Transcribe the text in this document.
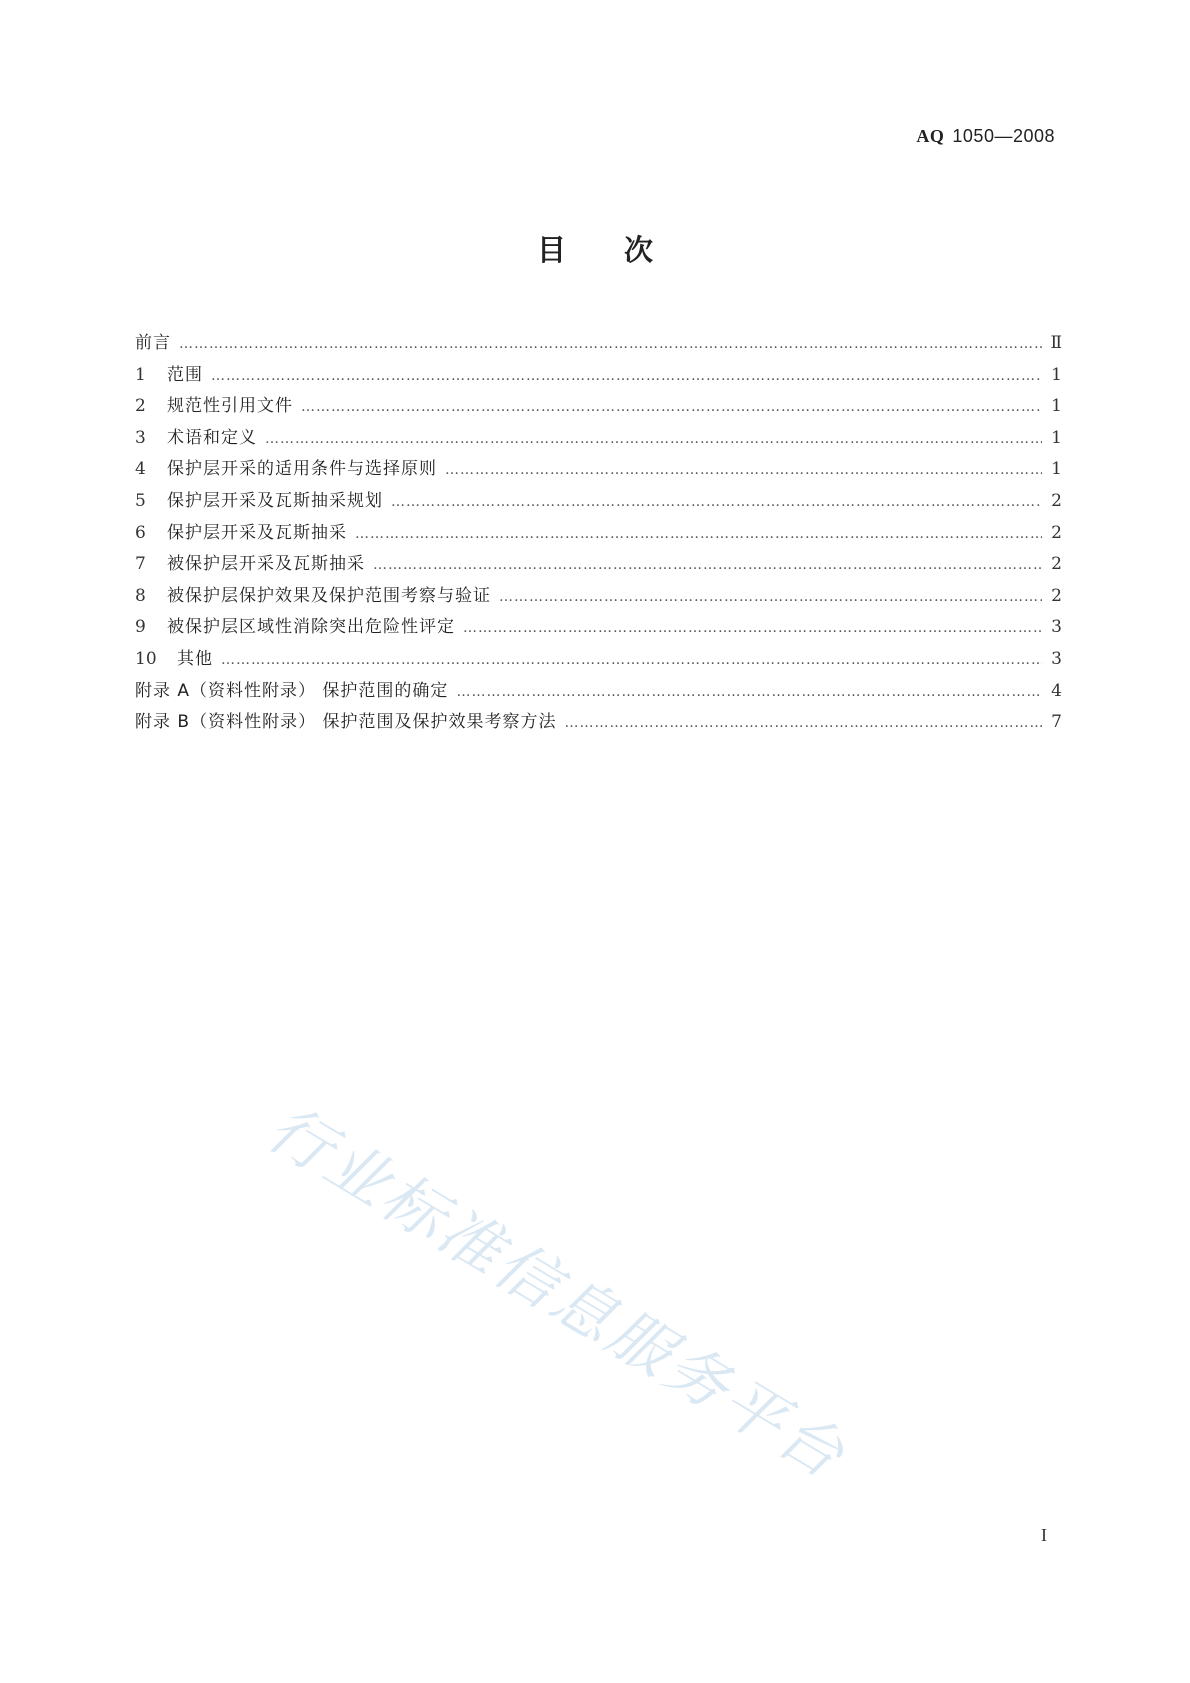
AQ 1050—2008
目次
前言 …………………………………………………………………………………………………………………………………………………………………………………………………………………………………………	Ⅱ
1	范围 …………………………………………………………………………………………………………………………………………………………………………………………………………………………………………	1
2	规范性引用文件 …………………………………………………………………………………………………………………………………………………………………………………………………………………………………………	1
3	术语和定义 …………………………………………………………………………………………………………………………………………………………………………………………………………………………………………	1
4	保护层开采的适用条件与选择原则 …………………………………………………………………………………………………………………………………………………………………………………………………………………………………………	1
5	保护层开采及瓦斯抽采规划 …………………………………………………………………………………………………………………………………………………………………………………………………………………………………………	2
6	保护层开采及瓦斯抽采 …………………………………………………………………………………………………………………………………………………………………………………………………………………………………………	2
7	被保护层开采及瓦斯抽采 …………………………………………………………………………………………………………………………………………………………………………………………………………………………………………	2
8	被保护层保护效果及保护范围考察与验证 …………………………………………………………………………………………………………………………………………………………………………………………………………………………………………	2
9	被保护层区域性消除突出危险性评定 …………………………………………………………………………………………………………………………………………………………………………………………………………………………………………	3
10	其他 …………………………………………………………………………………………………………………………………………………………………………………………………………………………………………	3
附录 A（资料性附录） 保护范围的确定 …………………………………………………………………………………………………………………………………………………………………………………………………………………………………………	4
附录 B（资料性附录） 保护范围及保护效果考察方法 …………………………………………………………………………………………………………………………………………………………………………………………………………………………………………	7
行业标准信息服务平台
I
